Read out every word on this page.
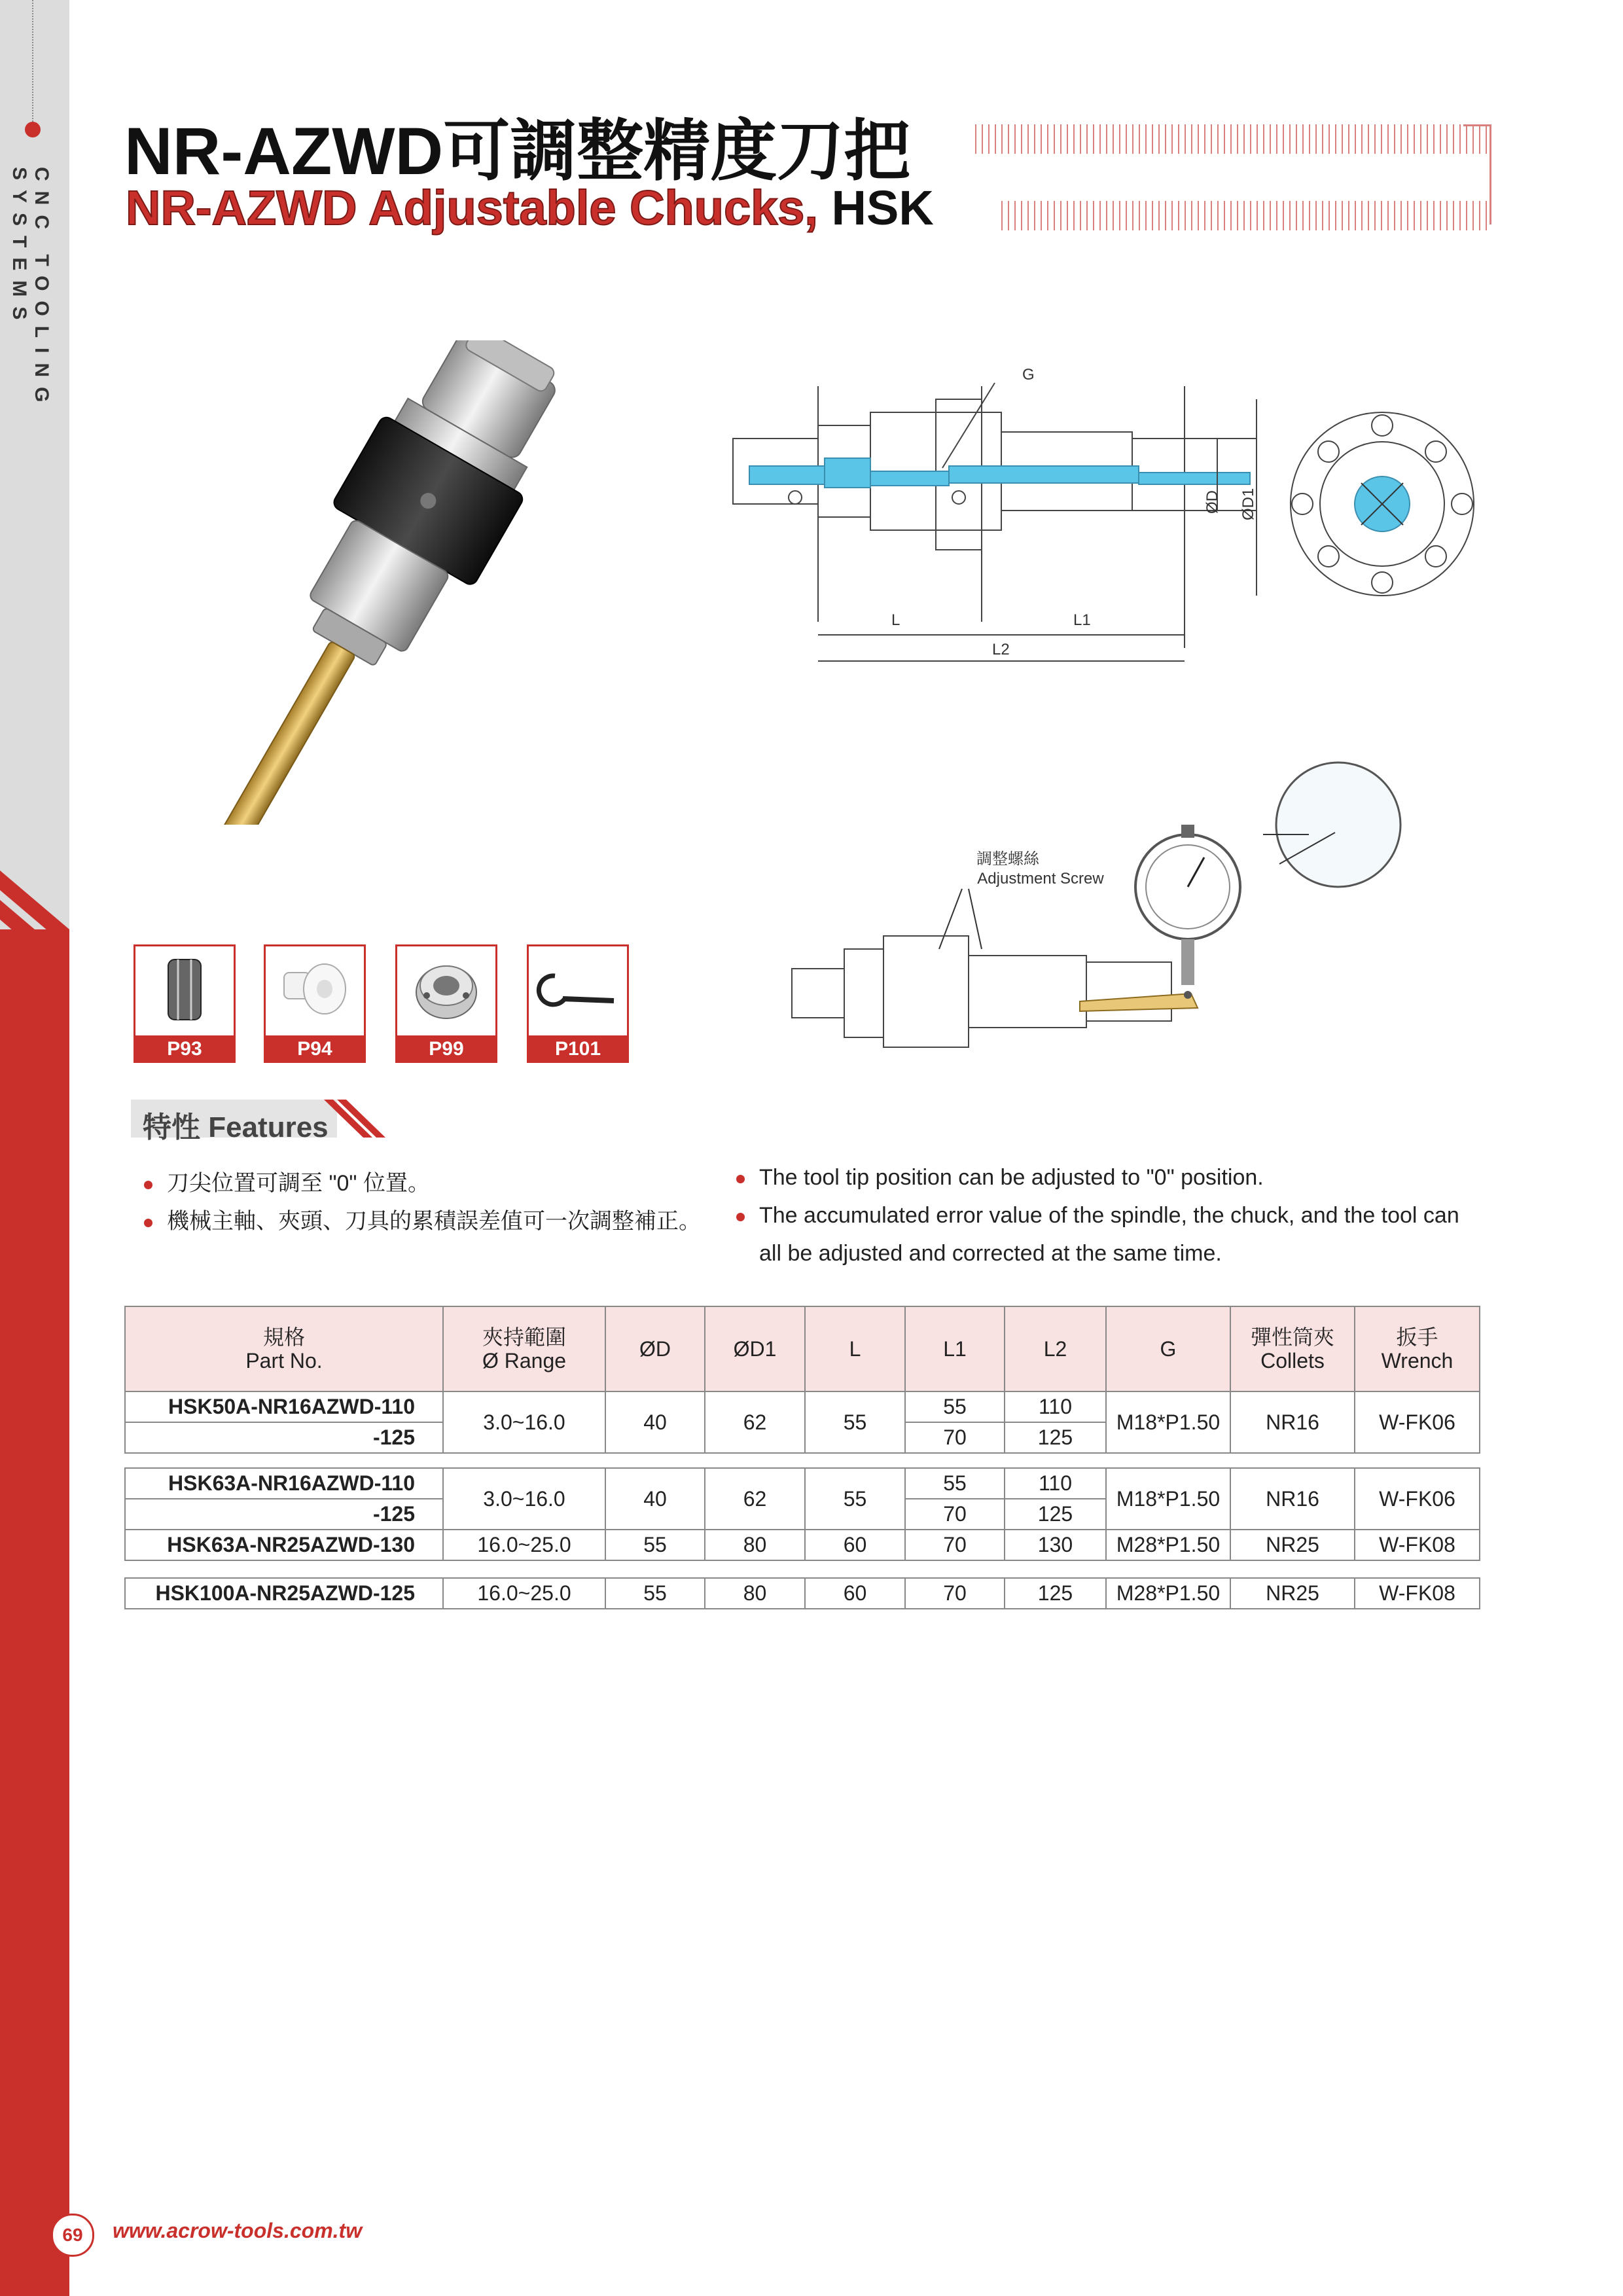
CNC TOOLING SYSTEMS
NR-AZWD可調整精度刀把
NR-AZWD Adjustable Chucks, HSK
G
L	L1
L2
ØD ØD1
調整螺絲
Adjustment Screw
P93	P94	P99	P101
特性 Features
刀尖位置可調至 "0" 位置。
機械主軸、夾頭、刀具的累積誤差值可一次調整補正。
The tool tip position can be adjusted to "0" position.
The accumulated error value of the spindle, the chuck, and the tool can
all be adjusted and corrected at the same time.
規格
Part No.	夾持範圍
Ø Range	ØD	ØD1	L	L1	L2	G	彈性筒夾
Collets	扳手
Wrench
HSK50A-NR16AZWD-110	3.0~16.0	40	62	55	55	110	M18*P1.50	NR16	W-FK06
-125					70	125			
HSK63A-NR16AZWD-110	3.0~16.0	40	62	55	55	110	M18*P1.50	NR16	W-FK06
-125					70	125			
HSK63A-NR25AZWD-130	16.0~25.0	55	80	60	70	130	M28*P1.50	NR25	W-FK08
HSK100A-NR25AZWD-125	16.0~25.0	55	80	60	70	125	M28*P1.50	NR25	W-FK08
69	www.acrow-tools.com.tw
